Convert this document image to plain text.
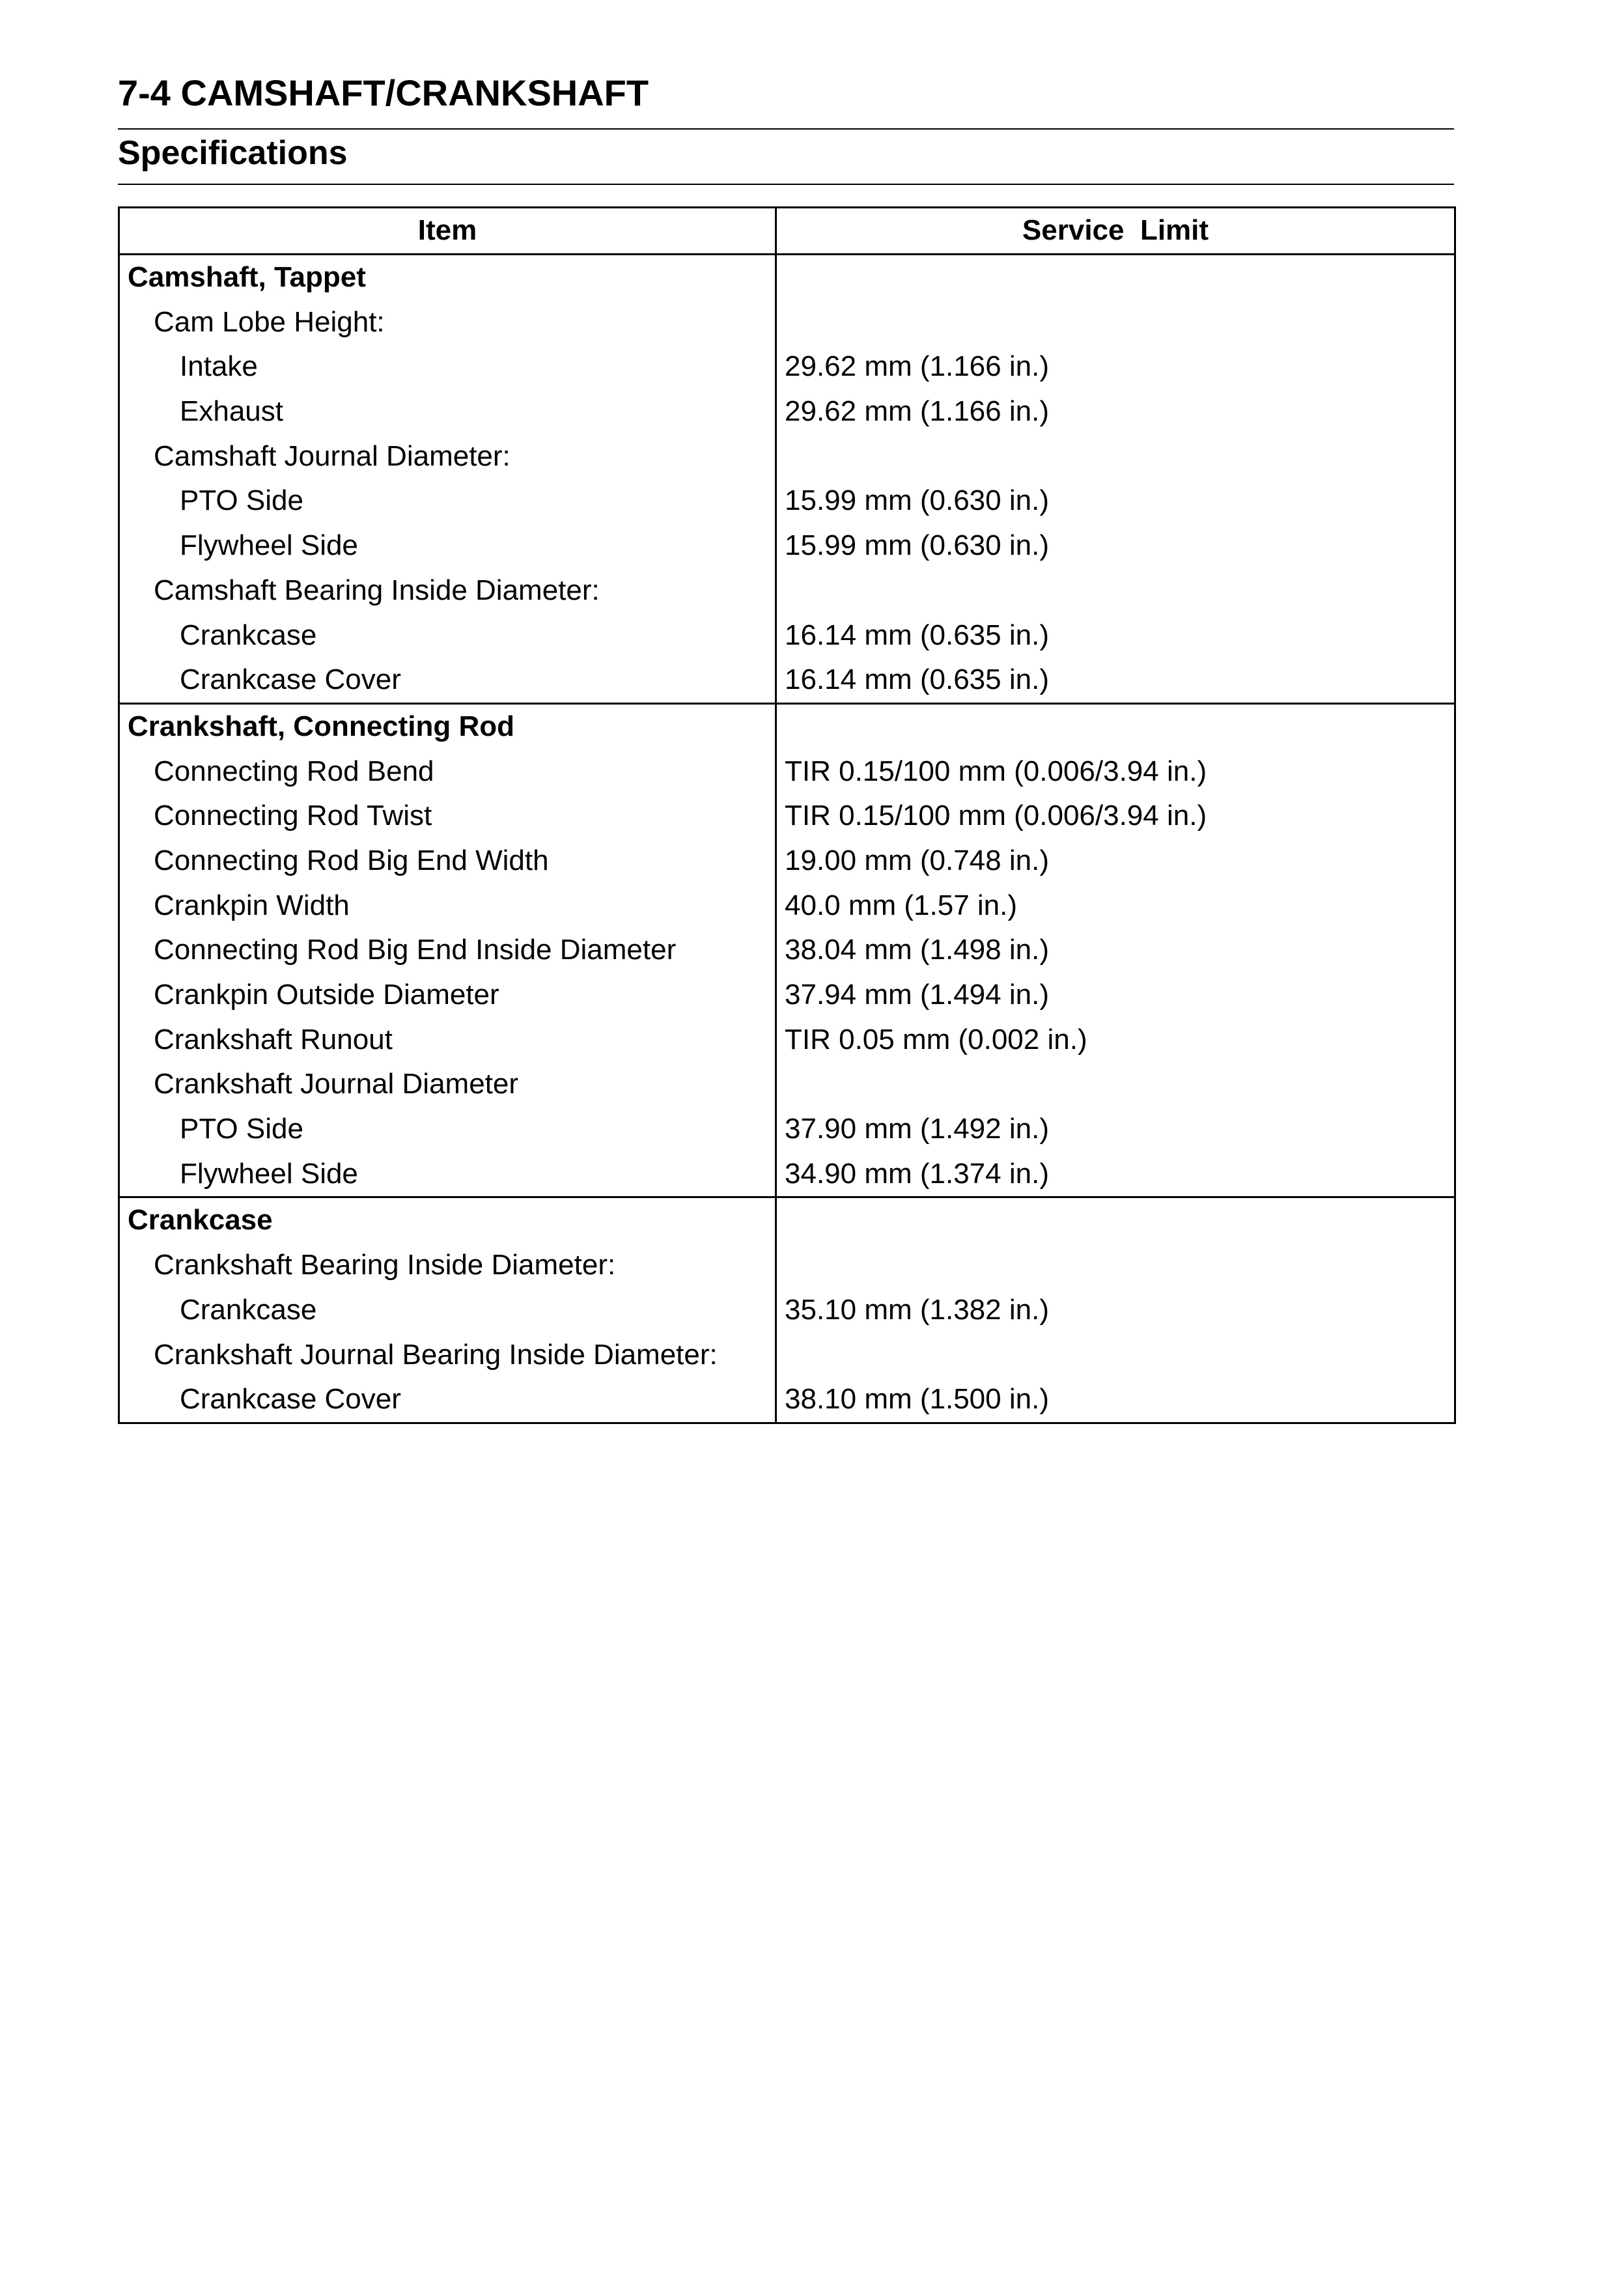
7-4 CAMSHAFT/CRANKSHAFT
Specifications
Item	Service  Limit
Camshaft, Tappet	
Cam Lobe Height:	
Intake	29.62 mm (1.166 in.)
Exhaust	29.62 mm (1.166 in.)
Camshaft Journal Diameter:	
PTO Side	15.99 mm (0.630 in.)
Flywheel Side	15.99 mm (0.630 in.)
Camshaft Bearing Inside Diameter:	
Crankcase	16.14 mm (0.635 in.)
Crankcase Cover	16.14 mm (0.635 in.)
Crankshaft, Connecting Rod	
Connecting Rod Bend	TIR 0.15/100 mm (0.006/3.94 in.)
Connecting Rod Twist	TIR 0.15/100 mm (0.006/3.94 in.)
Connecting Rod Big End Width	19.00 mm (0.748 in.)
Crankpin Width	40.0 mm (1.57 in.)
Connecting Rod Big End Inside Diameter	38.04 mm (1.498 in.)
Crankpin Outside Diameter	37.94 mm (1.494 in.)
Crankshaft Runout	TIR 0.05 mm (0.002 in.)
Crankshaft Journal Diameter	
PTO Side	37.90 mm (1.492 in.)
Flywheel Side	34.90 mm (1.374 in.)
Crankcase	
Crankshaft Bearing Inside Diameter:	
Crankcase	35.10 mm (1.382 in.)
Crankshaft Journal Bearing Inside Diameter:	
Crankcase Cover	38.10 mm (1.500 in.)
